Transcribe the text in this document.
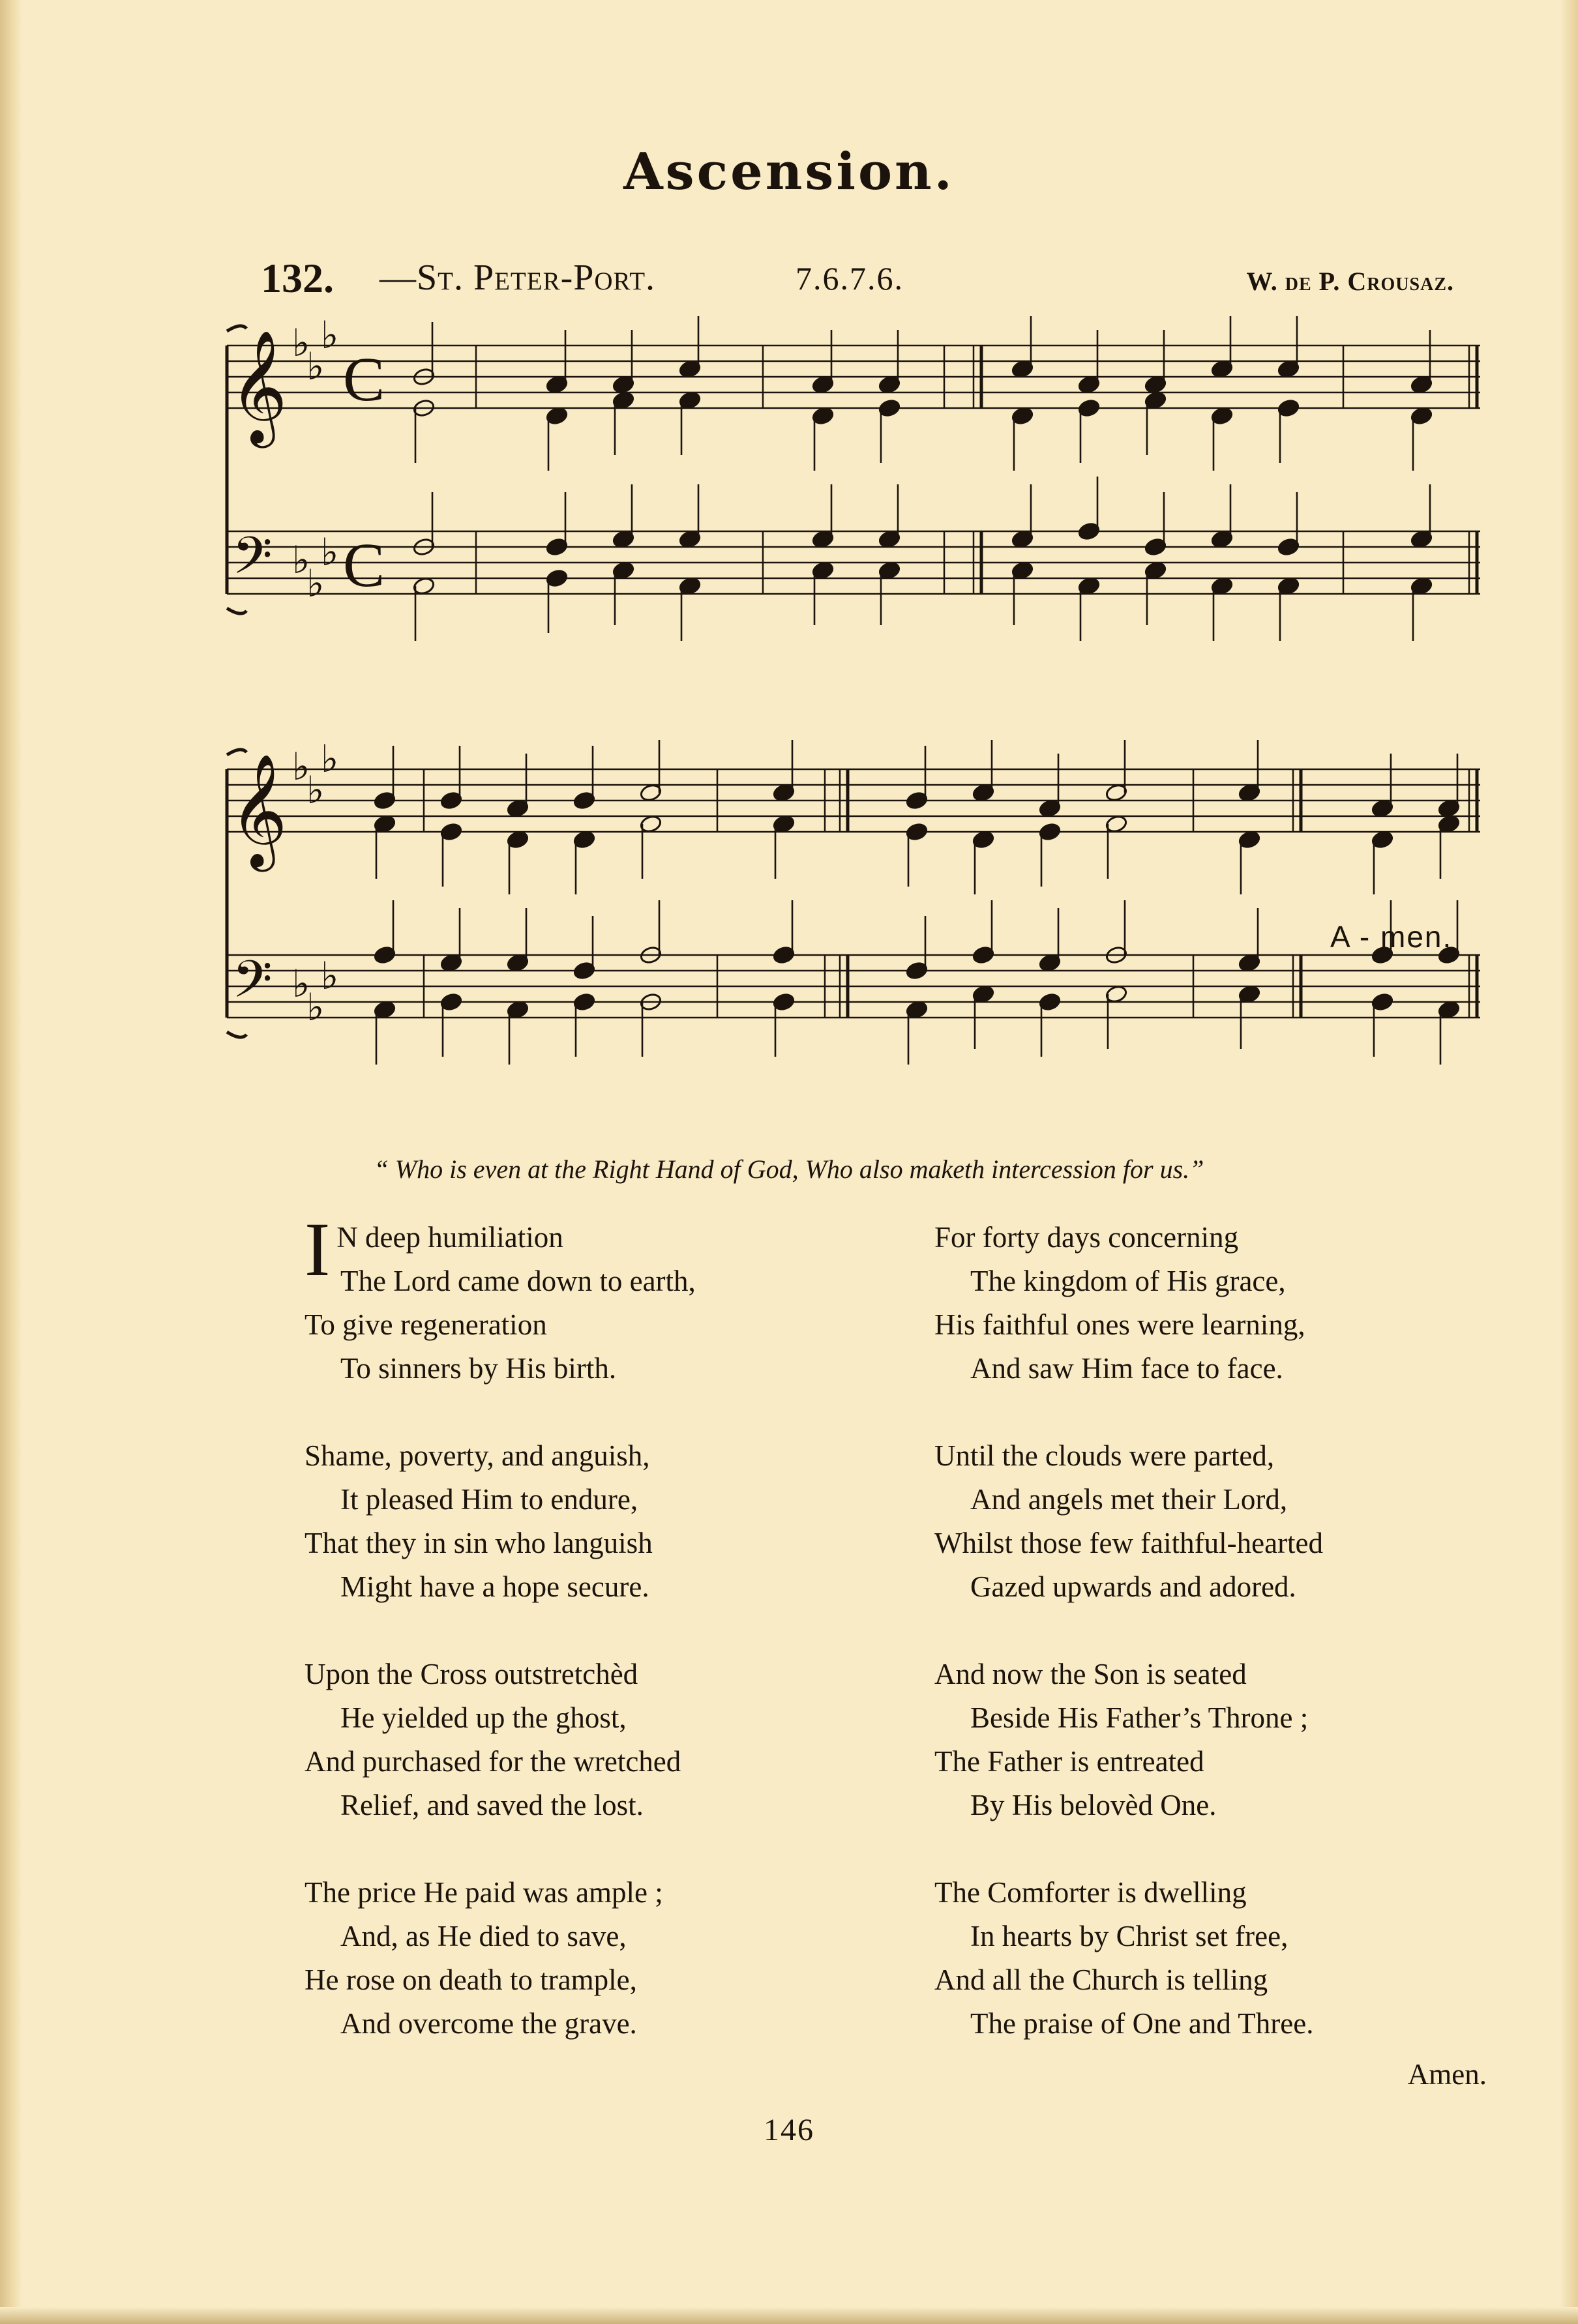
Ascension.
132. —St. Peter-Port.	7.6.7.6.	W. de P. Crousaz.
𝄞
𝄢
♭
♭
♭
♭
♭
♭
C
C
𝄞
𝄢
♭
♭
♭
♭
♭
♭
A - men.
“ Who is even at the Right Hand of God, Who also maketh intercession for us.”
I N deep humiliation
The Lord came down to earth,
To give regeneration
To sinners by His birth.
Shame, poverty, and anguish,
It pleased Him to endure,
That they in sin who languish
Might have a hope secure.
Upon the Cross outstretchèd
He yielded up the ghost,
And purchased for the wretched
Relief, and saved the lost.
The price He paid was ample ;
And, as He died to save,
He rose on death to trample,
And overcome the grave.
For forty days concerning
The kingdom of His grace,
His faithful ones were learning,
And saw Him face to face.
Until the clouds were parted,
And angels met their Lord,
Whilst those few faithful-hearted
Gazed upwards and adored.
And now the Son is seated
Beside His Father’s Throne ;
The Father is entreated
By His belovèd One.
The Comforter is dwelling
In hearts by Christ set free,
And all the Church is telling
The praise of One and Three.
Amen.
146
